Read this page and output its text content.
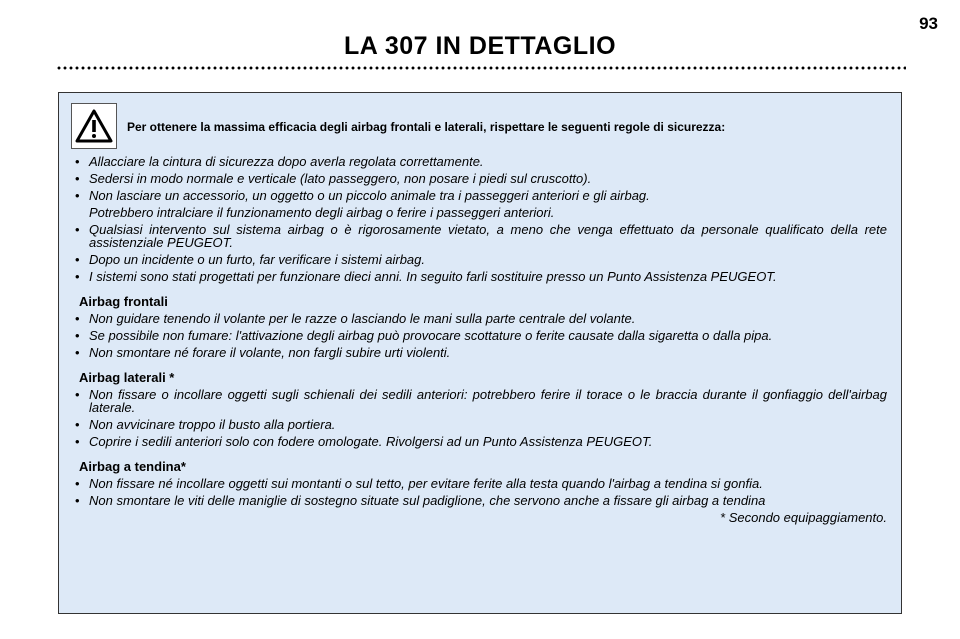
93
LA 307 IN DETTAGLIO
Per ottenere la massima efficacia degli airbag frontali e laterali, rispettare le seguenti regole di sicurezza:
• Allacciare la cintura di sicurezza dopo averla regolata correttamente.
• Sedersi in modo normale e verticale (lato passeggero, non posare i piedi sul cruscotto).
• Non lasciare un accessorio, un oggetto o un piccolo animale tra i passeggeri anteriori e gli airbag.
Potrebbero intralciare il funzionamento degli airbag o ferire i passeggeri anteriori.
• Qualsiasi intervento sul sistema airbag o è rigorosamente vietato, a meno che venga effettuato da personale qualificato della rete assistenziale PEUGEOT.
• Dopo un incidente o un furto, far verificare i sistemi airbag.
• I sistemi sono stati progettati per funzionare dieci anni. In seguito farli sostituire presso un Punto Assistenza PEUGEOT.
Airbag frontali
• Non guidare tenendo il volante per le razze o lasciando le mani sulla parte centrale del volante.
• Se possibile non fumare: l'attivazione degli airbag può provocare scottature o ferite causate dalla sigaretta o dalla pipa.
• Non smontare né forare il volante, non fargli subire urti violenti.
Airbag laterali *
• Non fissare o incollare oggetti sugli schienali dei sedili anteriori: potrebbero ferire il torace o le braccia durante il gonfiaggio dell'airbag laterale.
• Non avvicinare troppo il busto alla portiera.
• Coprire i sedili anteriori solo con fodere omologate. Rivolgersi ad un Punto Assistenza PEUGEOT.
Airbag a tendina*
• Non fissare né incollare oggetti sui montanti o sul tetto, per evitare ferite alla testa quando l'airbag a tendina si gonfia.
• Non smontare le viti delle maniglie di sostegno situate sul padiglione, che servono anche a fissare gli airbag a tendina
* Secondo equipaggiamento.
